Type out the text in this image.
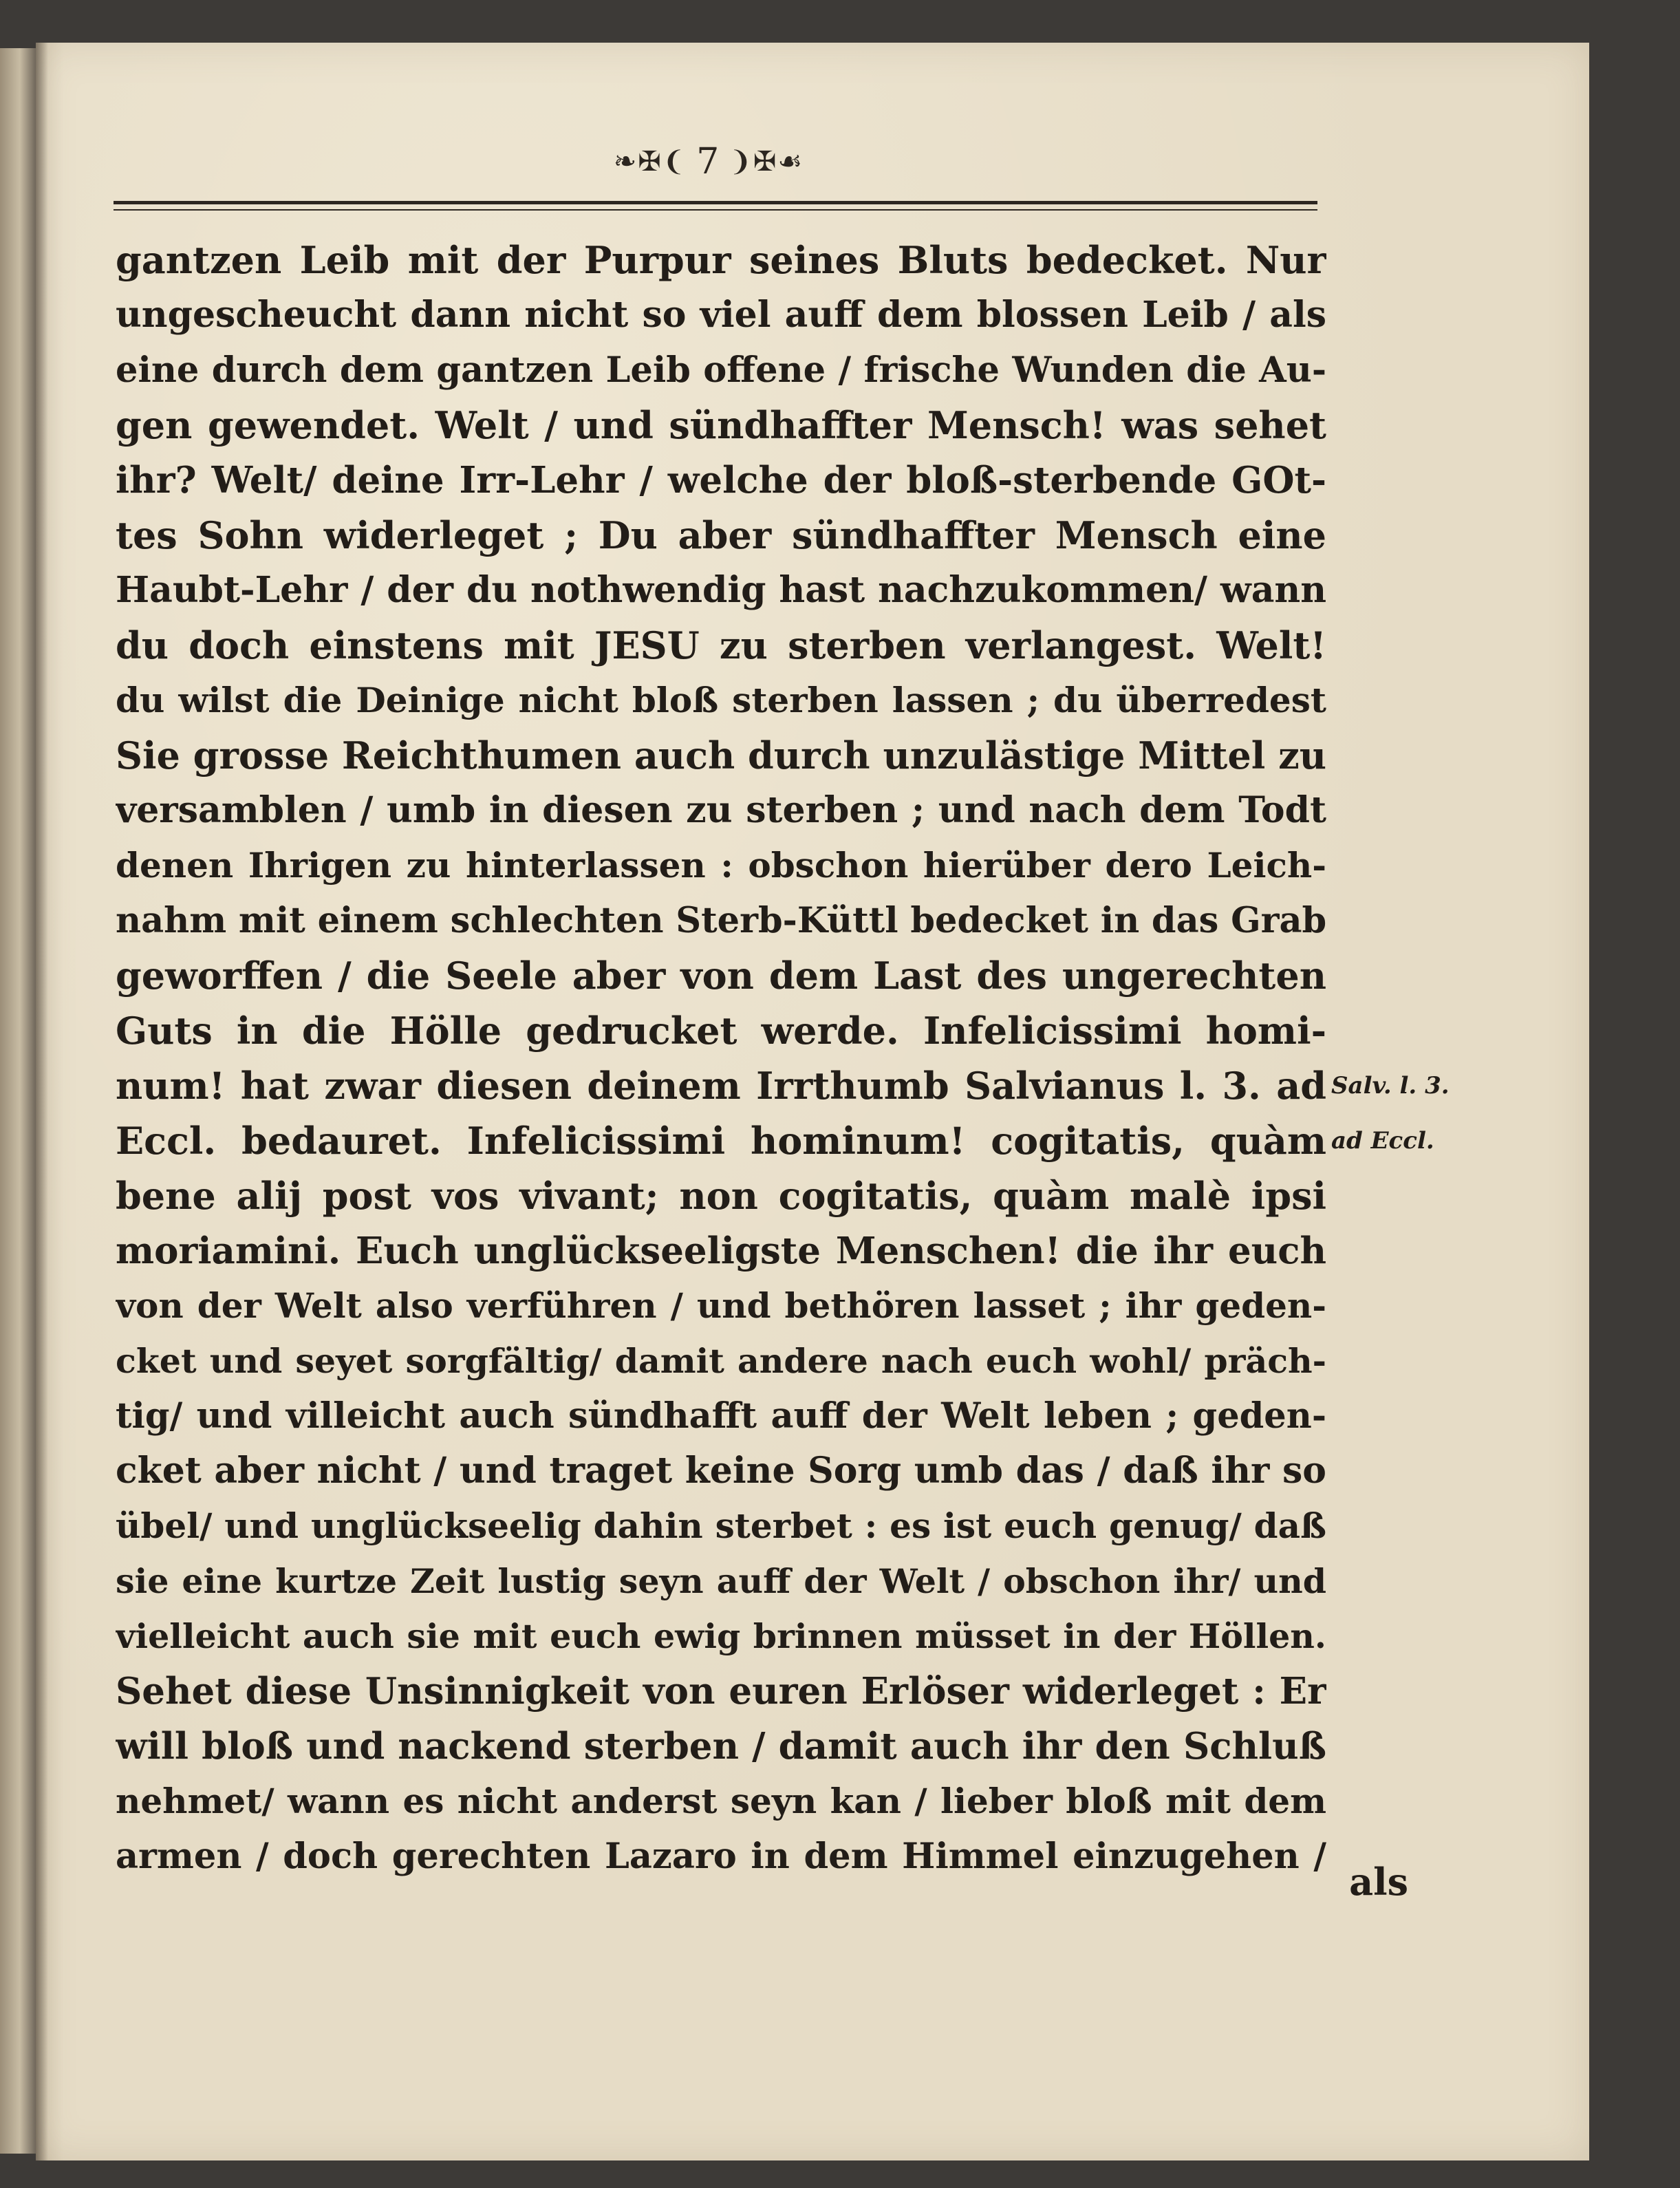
❧✠❨ 7 ❩✠☙
gantzen Leib mit der Purpur seines Bluts bedecket. Nur
ungescheucht dann nicht so viel auff dem blossen Leib / als
eine durch dem gantzen Leib offene / frische Wunden die Au-
gen gewendet. Welt / und sündhaffter Mensch! was sehet
ihr? Welt/ deine Irr-Lehr / welche der bloß-sterbende GOt-
tes Sohn widerleget ; Du aber sündhaffter Mensch eine
Haubt-Lehr / der du nothwendig hast nachzukommen/ wann
du doch einstens mit JESU zu sterben verlangest. Welt!
du wilst die Deinige nicht bloß sterben lassen ; du überredest
Sie grosse Reichthumen auch durch unzulästige Mittel zu
versamblen / umb in diesen zu sterben ; und nach dem Todt
denen Ihrigen zu hinterlassen : obschon hierüber dero Leich-
nahm mit einem schlechten Sterb-Küttl bedecket in das Grab
geworffen / die Seele aber von dem Last des ungerechten
Guts in die Hölle gedrucket werde. Infelicissimi homi-
num! hat zwar diesen deinem Irrthumb Salvianus l. 3. ad
Eccl. bedauret. Infelicissimi hominum! cogitatis, quàm
bene alij post vos vivant; non cogitatis, quàm malè ipsi
moriamini. Euch unglückseeligste Menschen! die ihr euch
von der Welt also verführen / und bethören lasset ; ihr geden-
cket und seyet sorgfältig/ damit andere nach euch wohl/ präch-
tig/ und villeicht auch sündhafft auff der Welt leben ; geden-
cket aber nicht / und traget keine Sorg umb das / daß ihr so
übel/ und unglückseelig dahin sterbet : es ist euch genug/ daß
sie eine kurtze Zeit lustig seyn auff der Welt / obschon ihr/ und
vielleicht auch sie mit euch ewig brinnen müsset in der Höllen.
Sehet diese Unsinnigkeit von euren Erlöser widerleget : Er
will bloß und nackend sterben / damit auch ihr den Schluß
nehmet/ wann es nicht anderst seyn kan / lieber bloß mit dem
armen / doch gerechten Lazaro in dem Himmel einzugehen /
als
Salv. l. 3.
ad Eccl.
